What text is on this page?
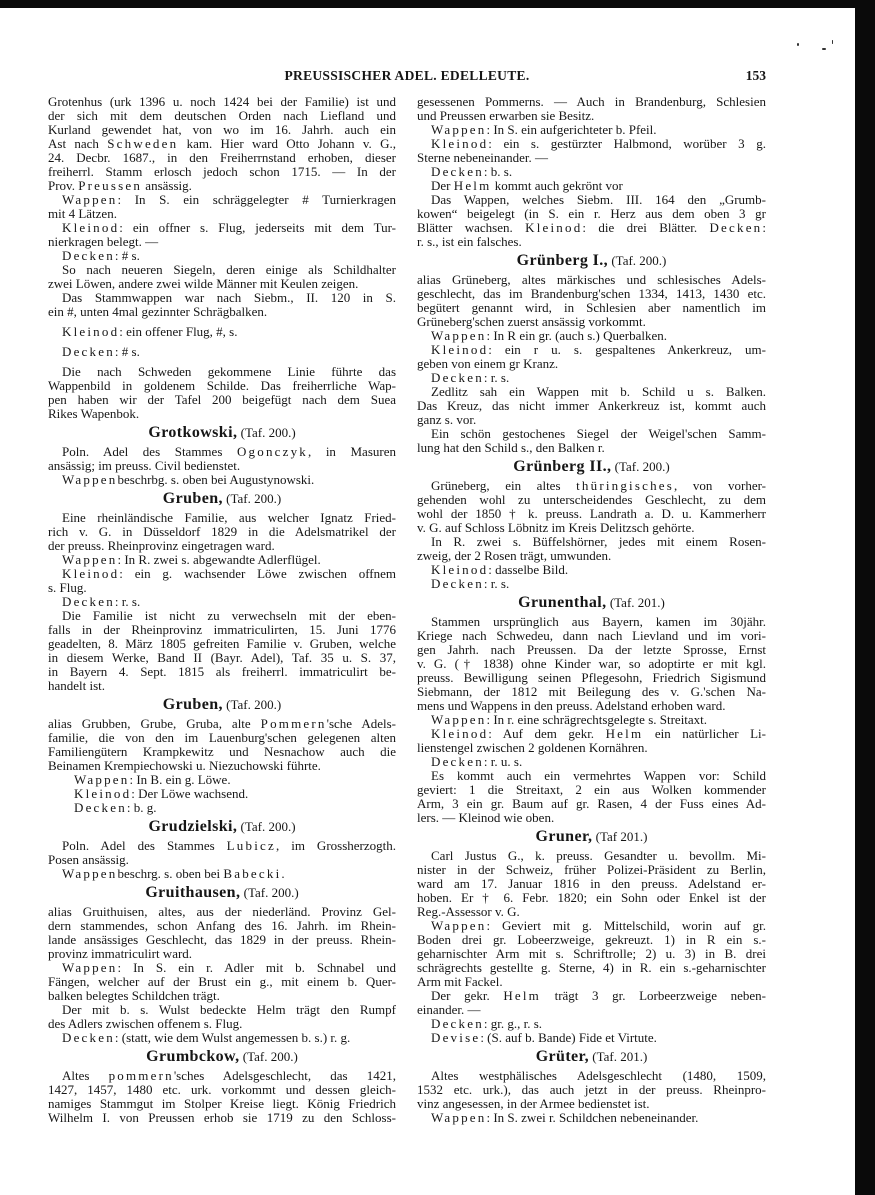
PREUSSISCHER ADEL. EDELLEUTE.	153
Grotenhus (urk 1396 u. noch 1424 bei der Familie) ist und
der sich mit dem deutschen Orden nach Liefland und
Kurland gewendet hat, von wo im 16. Jahrh. auch ein
Ast nach Schweden kam. Hier ward Otto Johann v. G.,
24. Decbr. 1687., in den Freiherrnstand erhoben, dieser
freiherrl. Stamm erlosch jedoch schon 1715. — In der
Prov. Preussen ansässig.
Wappen: In S. ein schräggelegter # Turnierkragen
mit 4 Lätzen.
Kleinod: ein offner s. Flug, jederseits mit dem Tur-
nierkragen belegt. —
Decken: # s.
So nach neueren Siegeln, deren einige als Schildhalter
zwei Löwen, andere zwei wilde Männer mit Keulen zeigen.
Das Stammwappen war nach Siebm., II. 120 in S.
ein #, unten 4mal gezinnter Schrägbalken.
Kleinod: ein offener Flug, #, s.
Decken: # s.
Die nach Schweden gekommene Linie führte das
Wappenbild in goldenem Schilde. Das freiherrliche Wap-
pen haben wir der Tafel 200 beigefügt nach dem Suea
Rikes Wapenbok.
Grotkowski, (Taf. 200.)
Poln. Adel des Stammes Ogonczyk, in Masuren
ansässig; im preuss. Civil bedienstet.
Wappenbeschrbg. s. oben bei Augustynowski.
Gruben, (Taf. 200.)
Eine rheinländische Familie, aus welcher Ignatz Fried-
rich v. G. in Düsseldorf 1829 in die Adelsmatrikel der
der preuss. Rheinprovinz eingetragen ward.
Wappen: In R. zwei s. abgewandte Adlerflügel.
Kleinod: ein g. wachsender Löwe zwischen offnem
s. Flug.
Decken: r. s.
Die Familie ist nicht zu verwechseln mit der eben-
falls in der Rheinprovinz immatriculirten, 15. Juni 1776
geadelten, 8. März 1805 gefreiten Familie v. Gruben, welche
in diesem Werke, Band II (Bayr. Adel), Taf. 35 u. S. 37,
in Bayern 4. Sept. 1815 als freiherrl. immatriculirt be-
handelt ist.
Gruben, (Taf. 200.)
alias Grubben, Grube, Gruba, alte Pommern'sche Adels-
familie, die von den im Lauenburg'schen gelegenen alten
Familiengütern Krampkewitz und Nesnachow auch die
Beinamen Krempiechowski u. Niezuchowski führte.
Wappen: In B. ein g. Löwe.
Kleinod: Der Löwe wachsend.
Decken: b. g.
Grudzielski, (Taf. 200.)
Poln. Adel des Stammes Lubicz, im Grossherzogth.
Posen ansässig.
Wappenbeschrg. s. oben bei Babecki.
Gruithausen, (Taf. 200.)
alias Gruithuisen, altes, aus der niederländ. Provinz Gel-
dern stammendes, schon Anfang des 16. Jahrh. im Rhein-
lande ansässiges Geschlecht, das 1829 in der preuss. Rhein-
provinz immatriculirt ward.
Wappen: In S. ein r. Adler mit b. Schnabel und
Fängen, welcher auf der Brust ein g., mit einem b. Quer-
balken belegtes Schildchen trägt.
Der mit b. s. Wulst bedeckte Helm trägt den Rumpf
des Adlers zwischen offenem s. Flug.
Decken: (statt, wie dem Wulst angemessen b. s.) r. g.
Grumbckow, (Taf. 200.)
Altes pommern'sches Adelsgeschlecht, das 1421,
1427, 1457, 1480 etc. urk. vorkommt und dessen gleich-
namiges Stammgut im Stolper Kreise liegt. König Friedrich
Wilhelm I. von Preussen erhob sie 1719 zu den Schloss-
gesessenen Pommerns. — Auch in Brandenburg, Schlesien
und Preussen erwarben sie Besitz.
Wappen: In S. ein aufgerichteter b. Pfeil.
Kleinod: ein s. gestürzter Halbmond, worüber 3 g.
Sterne nebeneinander. —
Decken: b. s.
Der Helm kommt auch gekrönt vor
Das Wappen, welches Siebm. III. 164 den „Grumb-
kowen“ beigelegt (in S. ein r. Herz aus dem oben 3 gr
Blätter wachsen. Kleinod: die drei Blätter. Decken:
r. s., ist ein falsches.
Grünberg I., (Taf. 200.)
alias Grüneberg, altes märkisches und schlesisches Adels-
geschlecht, das im Brandenburg'schen 1334, 1413, 1430 etc.
begütert genannt wird, in Schlesien aber namentlich im
Grüneberg'schen zuerst ansässig vorkommt.
Wappen: In R ein gr. (auch s.) Querbalken.
Kleinod: ein r u. s. gespaltenes Ankerkreuz, um-
geben von einem gr Kranz.
Decken: r. s.
Zedlitz sah ein Wappen mit b. Schild u s. Balken.
Das Kreuz, das nicht immer Ankerkreuz ist, kommt auch
ganz s. vor.
Ein schön gestochenes Siegel der Weigel'schen Samm-
lung hat den Schild s., den Balken r.
Grünberg II., (Taf. 200.)
Grüneberg, ein altes thüringisches, von vorher-
gehenden wohl zu unterscheidendes Geschlecht, zu dem
wohl der 1850 † k. preuss. Landrath a. D. u. Kammerherr
v. G. auf Schloss Löbnitz im Kreis Delitzsch gehörte.
In R. zwei s. Büffelshörner, jedes mit einem Rosen-
zweig, der 2 Rosen trägt, umwunden.
Kleinod: dasselbe Bild.
Decken: r. s.
Grunenthal, (Taf. 201.)
Stammen ursprünglich aus Bayern, kamen im 30jähr.
Kriege nach Schwedeu, dann nach Lievland und im vori-
gen Jahrh. nach Preussen. Da der letzte Sprosse, Ernst
v. G. († 1838) ohne Kinder war, so adoptirte er mit kgl.
preuss. Bewilligung seinen Pflegesohn, Friedrich Sigismund
Siebmann, der 1812 mit Beilegung des v. G.'schen Na-
mens und Wappens in den preuss. Adelstand erhoben ward.
Wappen: In r. eine schrägrechtsgelegte s. Streitaxt.
Kleinod: Auf dem gekr. Helm ein natürlicher Li-
lienstengel zwischen 2 goldenen Kornähren.
Decken: r. u. s.
Es kommt auch ein vermehrtes Wappen vor: Schild
geviert: 1 die Streitaxt, 2 ein aus Wolken kommender
Arm, 3 ein gr. Baum auf gr. Rasen, 4 der Fuss eines Ad-
lers. — Kleinod wie oben.
Gruner, (Taf 201.)
Carl Justus G., k. preuss. Gesandter u. bevollm. Mi-
nister in der Schweiz, früher Polizei-Präsident zu Berlin,
ward am 17. Januar 1816 in den preuss. Adelstand er-
hoben. Er † 6. Febr. 1820; ein Sohn oder Enkel ist der
Reg.-Assessor v. G.
Wappen: Geviert mit g. Mittelschild, worin auf gr.
Boden drei gr. Lobeerzweige, gekreuzt. 1) in R ein s.-
geharnischter Arm mit s. Schriftrolle; 2) u. 3) in B. drei
schrägrechts gestellte g. Sterne, 4) in R. ein s.-geharnischter
Arm mit Fackel.
Der gekr. Helm trägt 3 gr. Lorbeerzweige neben-
einander. —
Decken: gr. g., r. s.
Devise: (S. auf b. Bande) Fide et Virtute.
Grüter, (Taf. 201.)
Altes westphälisches Adelsgeschlecht (1480, 1509,
1532 etc. urk.), das auch jetzt in der preuss. Rheinpro-
vinz angesessen, in der Armee bedienstet ist.
Wappen: In S. zwei r. Schildchen nebeneinander.
